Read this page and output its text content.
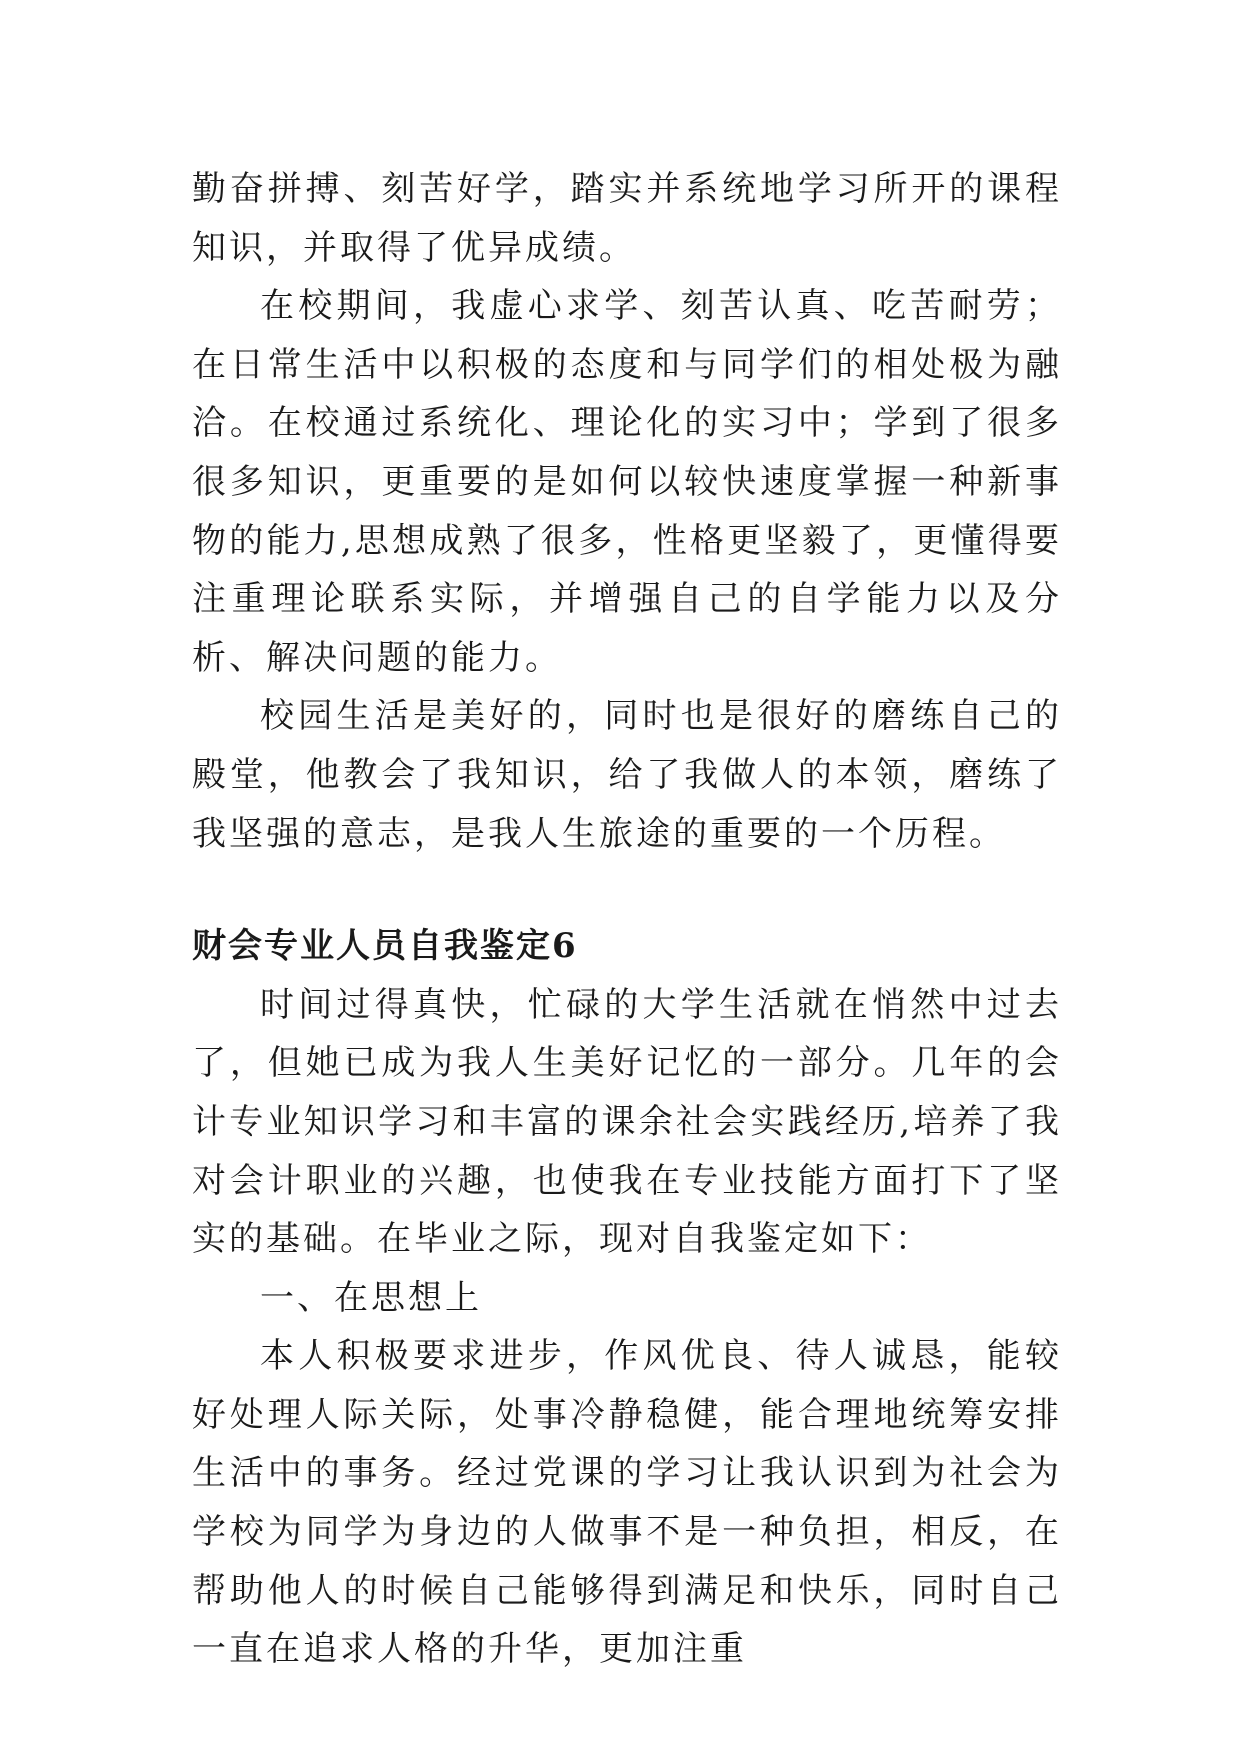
勤奋拼搏、刻苦好学，踏实并系统地学习所开的课程知识，并取得了优异成绩。

在校期间，我虚心求学、刻苦认真、吃苦耐劳；在日常生活中以积极的态度和与同学们的相处极为融洽。在校通过系统化、理论化的实习中；学到了很多很多知识，更重要的是如何以较快速度掌握一种新事物的能力,思想成熟了很多，性格更坚毅了，更懂得要注重理论联系实际，并增强自己的自学能力以及分析、解决问题的能力。

校园生活是美好的，同时也是很好的磨练自己的殿堂，他教会了我知识，给了我做人的本领，磨练了我坚强的意志，是我人生旅途的重要的一个历程。

财会专业人员自我鉴定6

时间过得真快，忙碌的大学生活就在悄然中过去了，但她已成为我人生美好记忆的一部分。几年的会计专业知识学习和丰富的课余社会实践经历,培养了我对会计职业的兴趣，也使我在专业技能方面打下了坚实的基础。在毕业之际，现对自我鉴定如下：

一、在思想上

本人积极要求进步，作风优良、待人诚恳，能较好处理人际关际，处事冷静稳健，能合理地统筹安排生活中的事务。经过党课的学习让我认识到为社会为学校为同学为身边的人做事不是一种负担，相反，在帮助他人的时候自己能够得到满足和快乐，同时自己一直在追求人格的升华，更加注重
